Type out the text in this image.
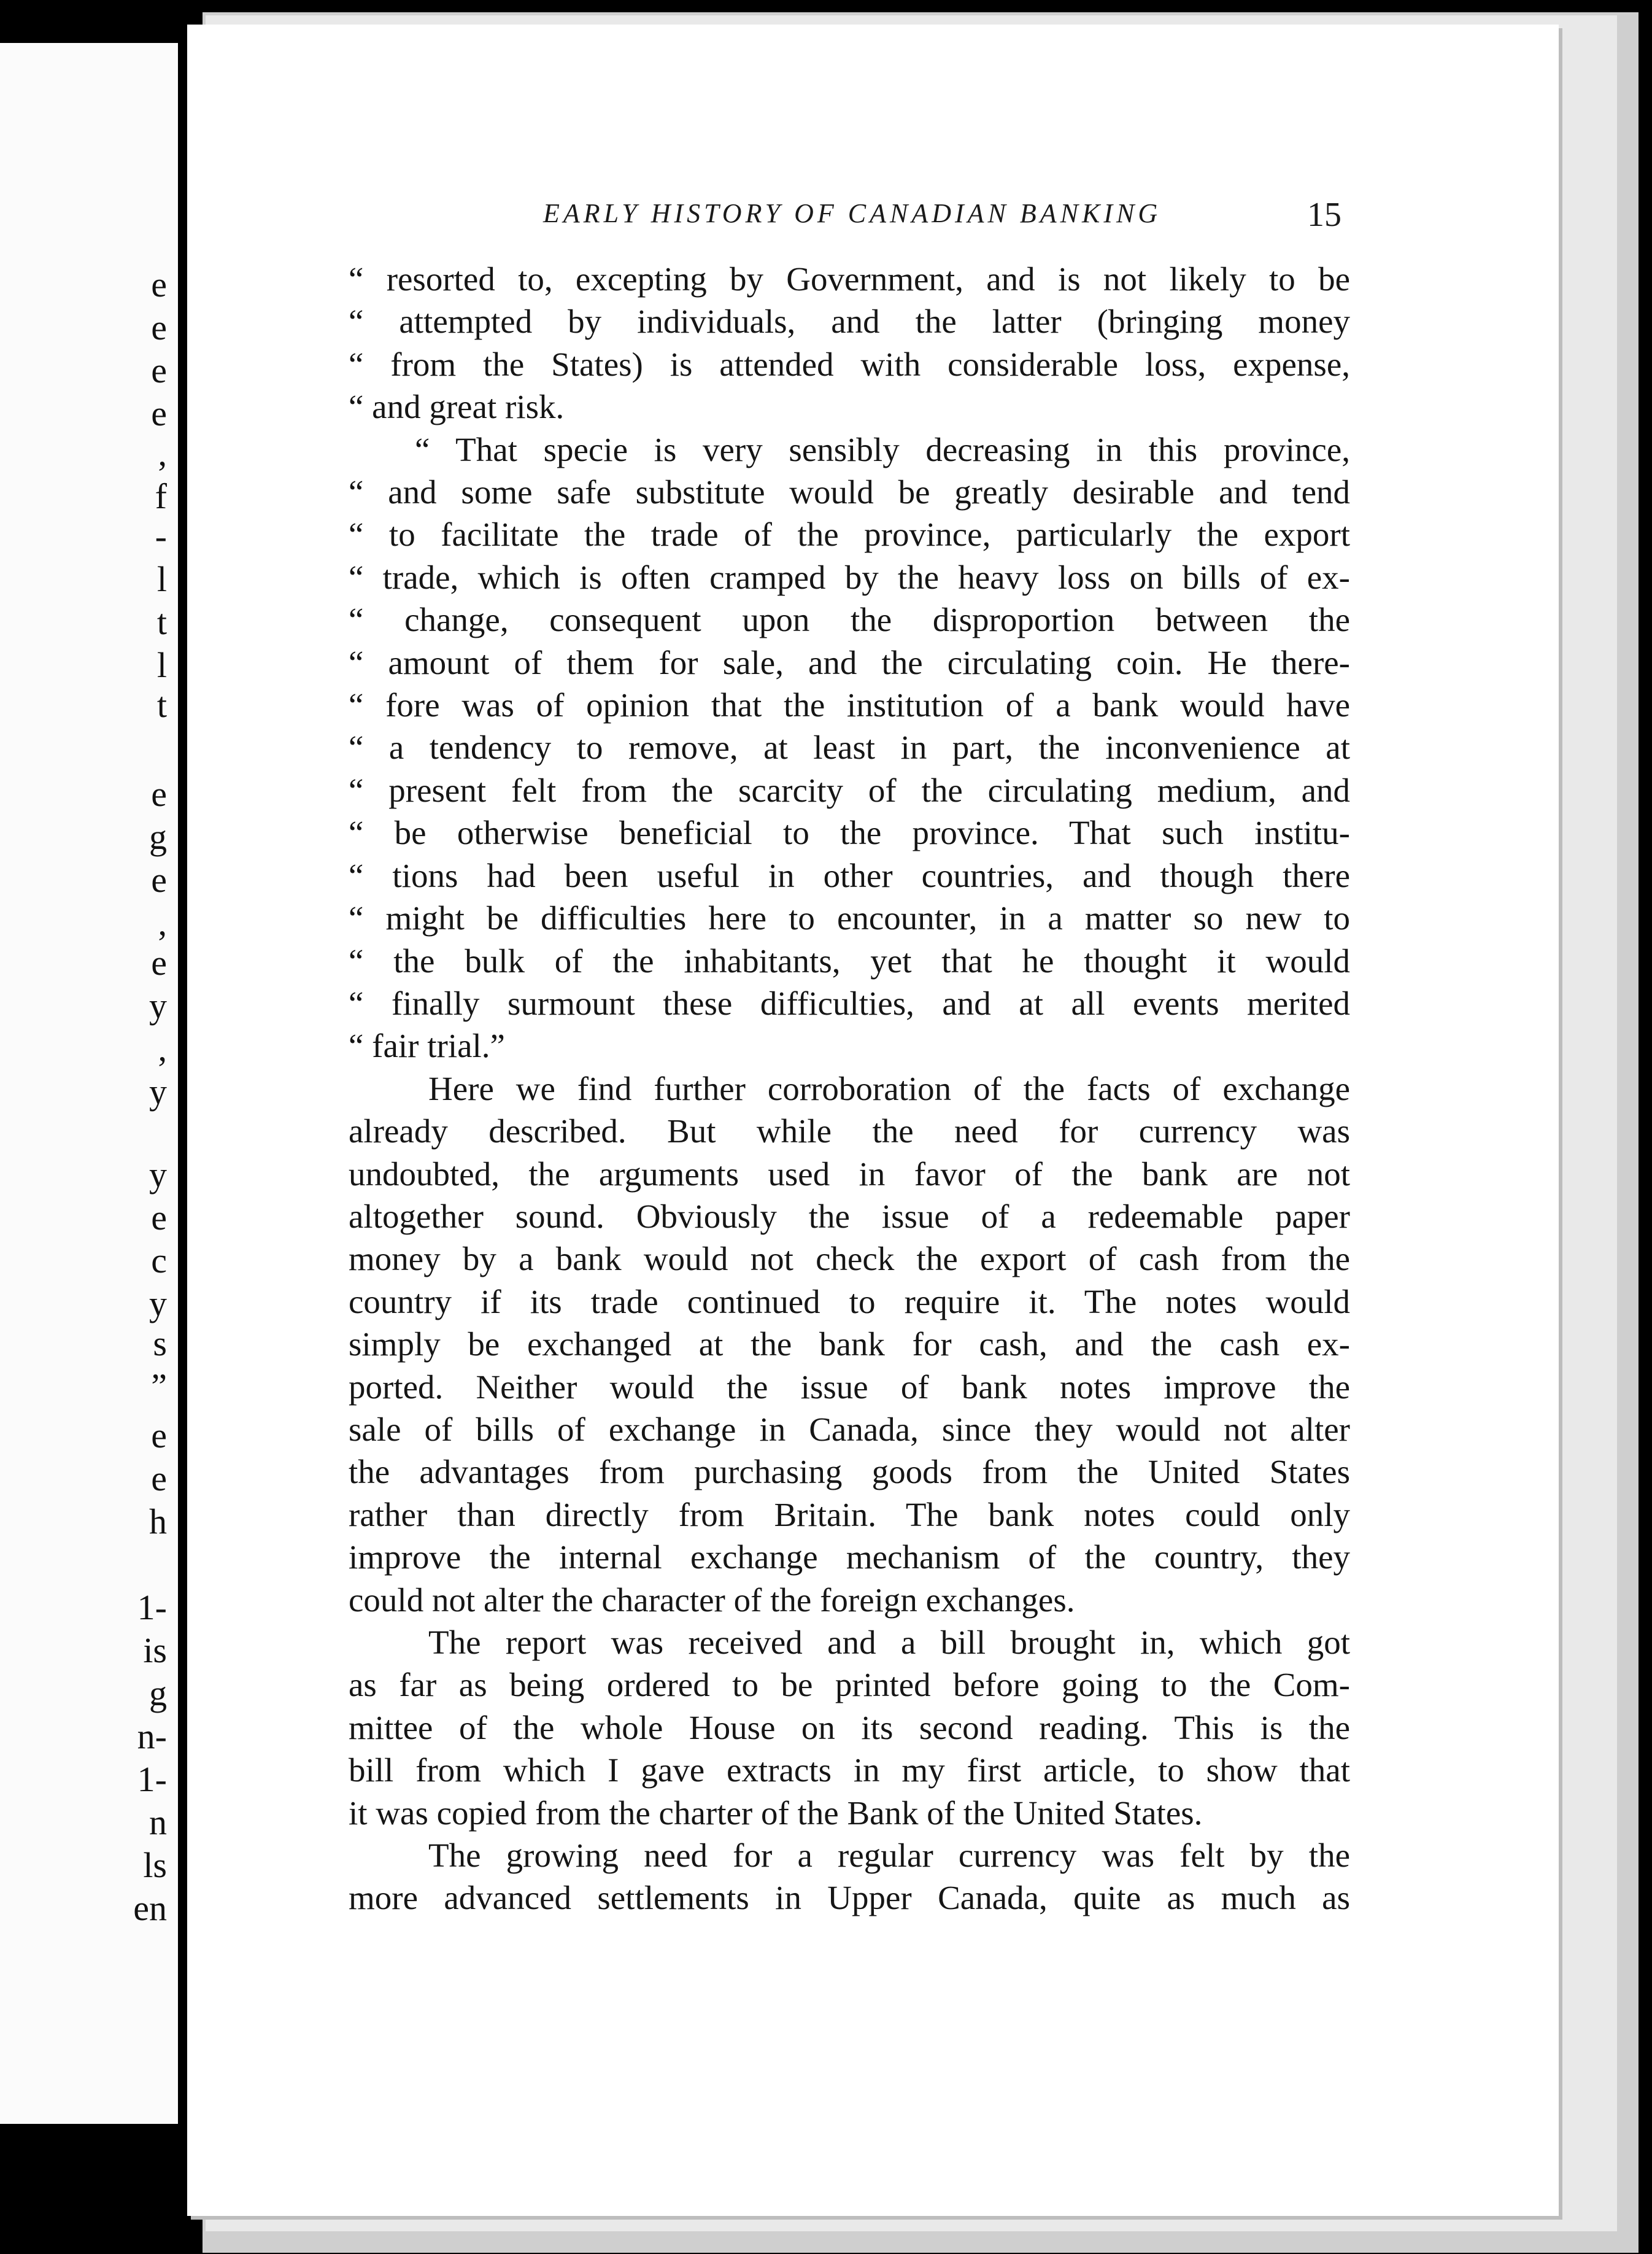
e
e
e
e
,
f
-
l
t
l
t
e
g
e
,
e
y
,
y
y
e
c
y
s
”
e
e
h
1-
is
g
n-
1-
n
ls
en
EARLY HISTORY OF CANADIAN BANKING	15
“ resorted to, excepting by Government, and is not likely to be
“ attempted by individuals, and the latter (bringing money
“ from the States) is attended with considerable loss, expense,
“ and great risk.
“ That specie is very sensibly decreasing in this province,
“ and some safe substitute would be greatly desirable and tend
“ to facilitate the trade of the province, particularly the export
“ trade, which is often cramped by the heavy loss on bills of ex-
“ change, consequent upon the disproportion between the
“ amount of them for sale, and the circulating coin. He there-
“ fore was of opinion that the institution of a bank would have
“ a tendency to remove, at least in part, the inconvenience at
“ present felt from the scarcity of the circulating medium, and
“ be otherwise beneficial to the province. That such institu-
“ tions had been useful in other countries, and though there
“ might be difficulties here to encounter, in a matter so new to
“ the bulk of the inhabitants, yet that he thought it would
“ finally surmount these difficulties, and at all events merited
“ fair trial.”
Here we find further corroboration of the facts of exchange
already described. But while the need for currency was
undoubted, the arguments used in favor of the bank are not
altogether sound. Obviously the issue of a redeemable paper
money by a bank would not check the export of cash from the
country if its trade continued to require it. The notes would
simply be exchanged at the bank for cash, and the cash ex-
ported. Neither would the issue of bank notes improve the
sale of bills of exchange in Canada, since they would not alter
the advantages from purchasing goods from the United States
rather than directly from Britain. The bank notes could only
improve the internal exchange mechanism of the country, they
could not alter the character of the foreign exchanges.
The report was received and a bill brought in, which got
as far as being ordered to be printed before going to the Com-
mittee of the whole House on its second reading. This is the
bill from which I gave extracts in my first article, to show that
it was copied from the charter of the Bank of the United States.
The growing need for a regular currency was felt by the
more advanced settlements in Upper Canada, quite as much as
